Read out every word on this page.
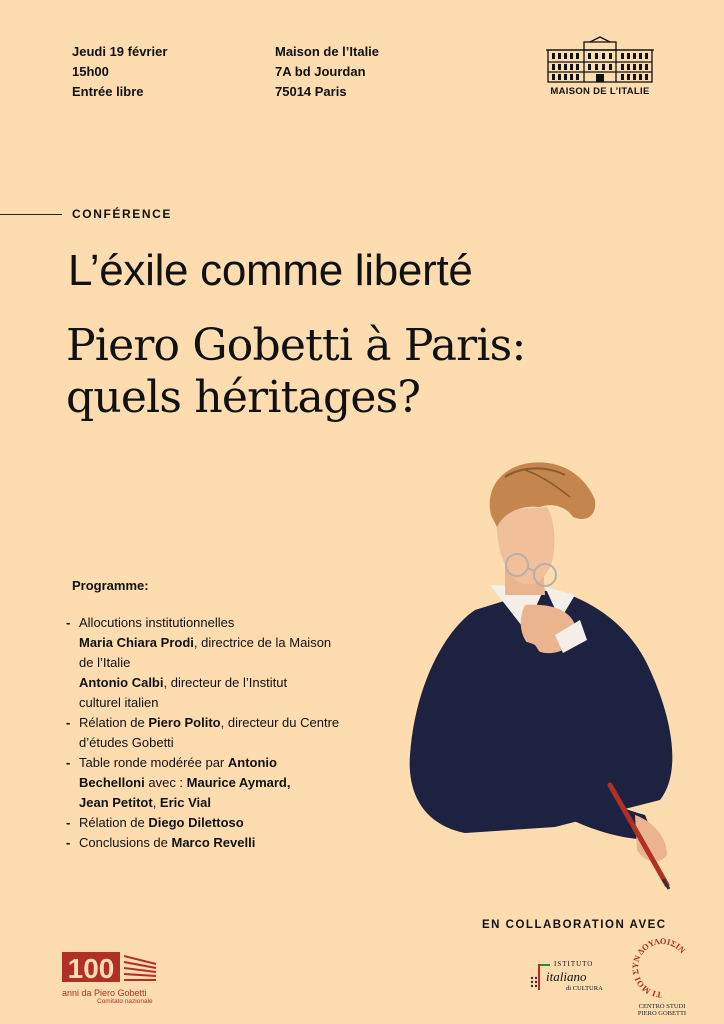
Jeudi 19 février
15h00
Entrée libre
Maison de l’Italie
7A bd Jourdan
75014 Paris	MAISON DE L’ITALIE
CONFÉRENCE
L’éxile comme liberté
Piero Gobetti à Paris:
quels héritages?
Programme:
- Allocutions institutionnelles
Maria Chiara Prodi, directrice de la Maison
de l’Italie
Antonio Calbi, directeur de l’Institut
culturel italien
- Rélation de Piero Polito, directeur du Centre
d’études Gobetti
- Table ronde modérée par Antonio
Bechelloni avec : Maurice Aymard,
Jean Petitot, Eric Vial
- Rélation de Diego Dilettoso
- Conclusions de Marco Revelli
EN COLLABORATION AVEC
100
anni da Piero Gobetti
Comitato nazionale
ISTITUTO
italiano
di CULTURA
ΤΙ ΜΟΙ ΣΥΝ ΔΟΥΛΟΙΣΙΝ
CENTRO STUDI
PIERO GOBETTI
